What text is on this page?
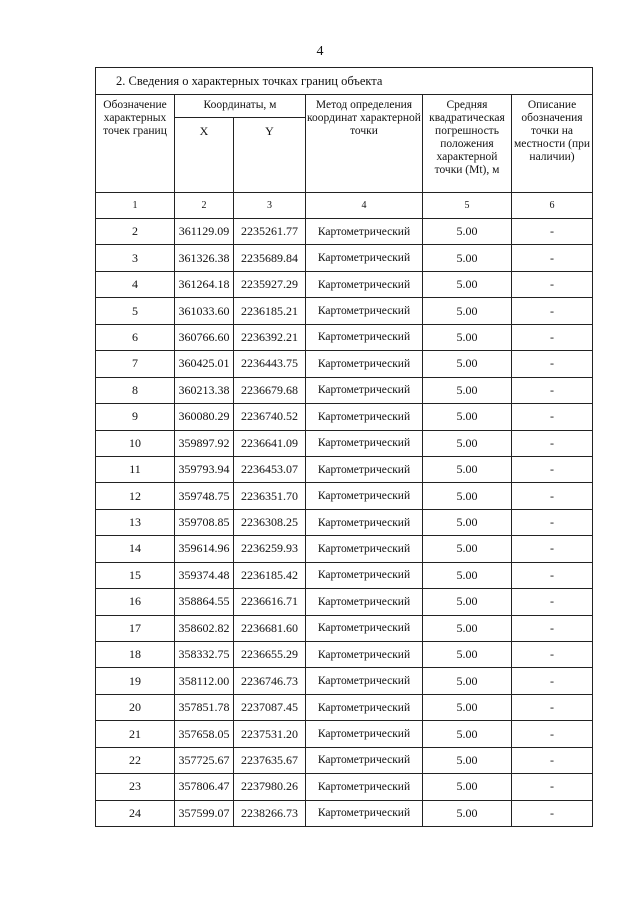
4
2. Сведения о характерных точках границ объекта					
Обозначение характерных точек границ	Координаты, м		Метод определения координат характерной точки	Средняя квадратическая погрешность положения характерной точки (Mt), м	Описание обозначения точки на местности (при наличии)
	X	Y			
1	2	3	4	5	6
2	361129.09	2235261.77	Картометрический	5.00	-
3	361326.38	2235689.84	Картометрический	5.00	-
4	361264.18	2235927.29	Картометрический	5.00	-
5	361033.60	2236185.21	Картометрический	5.00	-
6	360766.60	2236392.21	Картометрический	5.00	-
7	360425.01	2236443.75	Картометрический	5.00	-
8	360213.38	2236679.68	Картометрический	5.00	-
9	360080.29	2236740.52	Картометрический	5.00	-
10	359897.92	2236641.09	Картометрический	5.00	-
11	359793.94	2236453.07	Картометрический	5.00	-
12	359748.75	2236351.70	Картометрический	5.00	-
13	359708.85	2236308.25	Картометрический	5.00	-
14	359614.96	2236259.93	Картометрический	5.00	-
15	359374.48	2236185.42	Картометрический	5.00	-
16	358864.55	2236616.71	Картометрический	5.00	-
17	358602.82	2236681.60	Картометрический	5.00	-
18	358332.75	2236655.29	Картометрический	5.00	-
19	358112.00	2236746.73	Картометрический	5.00	-
20	357851.78	2237087.45	Картометрический	5.00	-
21	357658.05	2237531.20	Картометрический	5.00	-
22	357725.67	2237635.67	Картометрический	5.00	-
23	357806.47	2237980.26	Картометрический	5.00	-
24	357599.07	2238266.73	Картометрический	5.00	-
